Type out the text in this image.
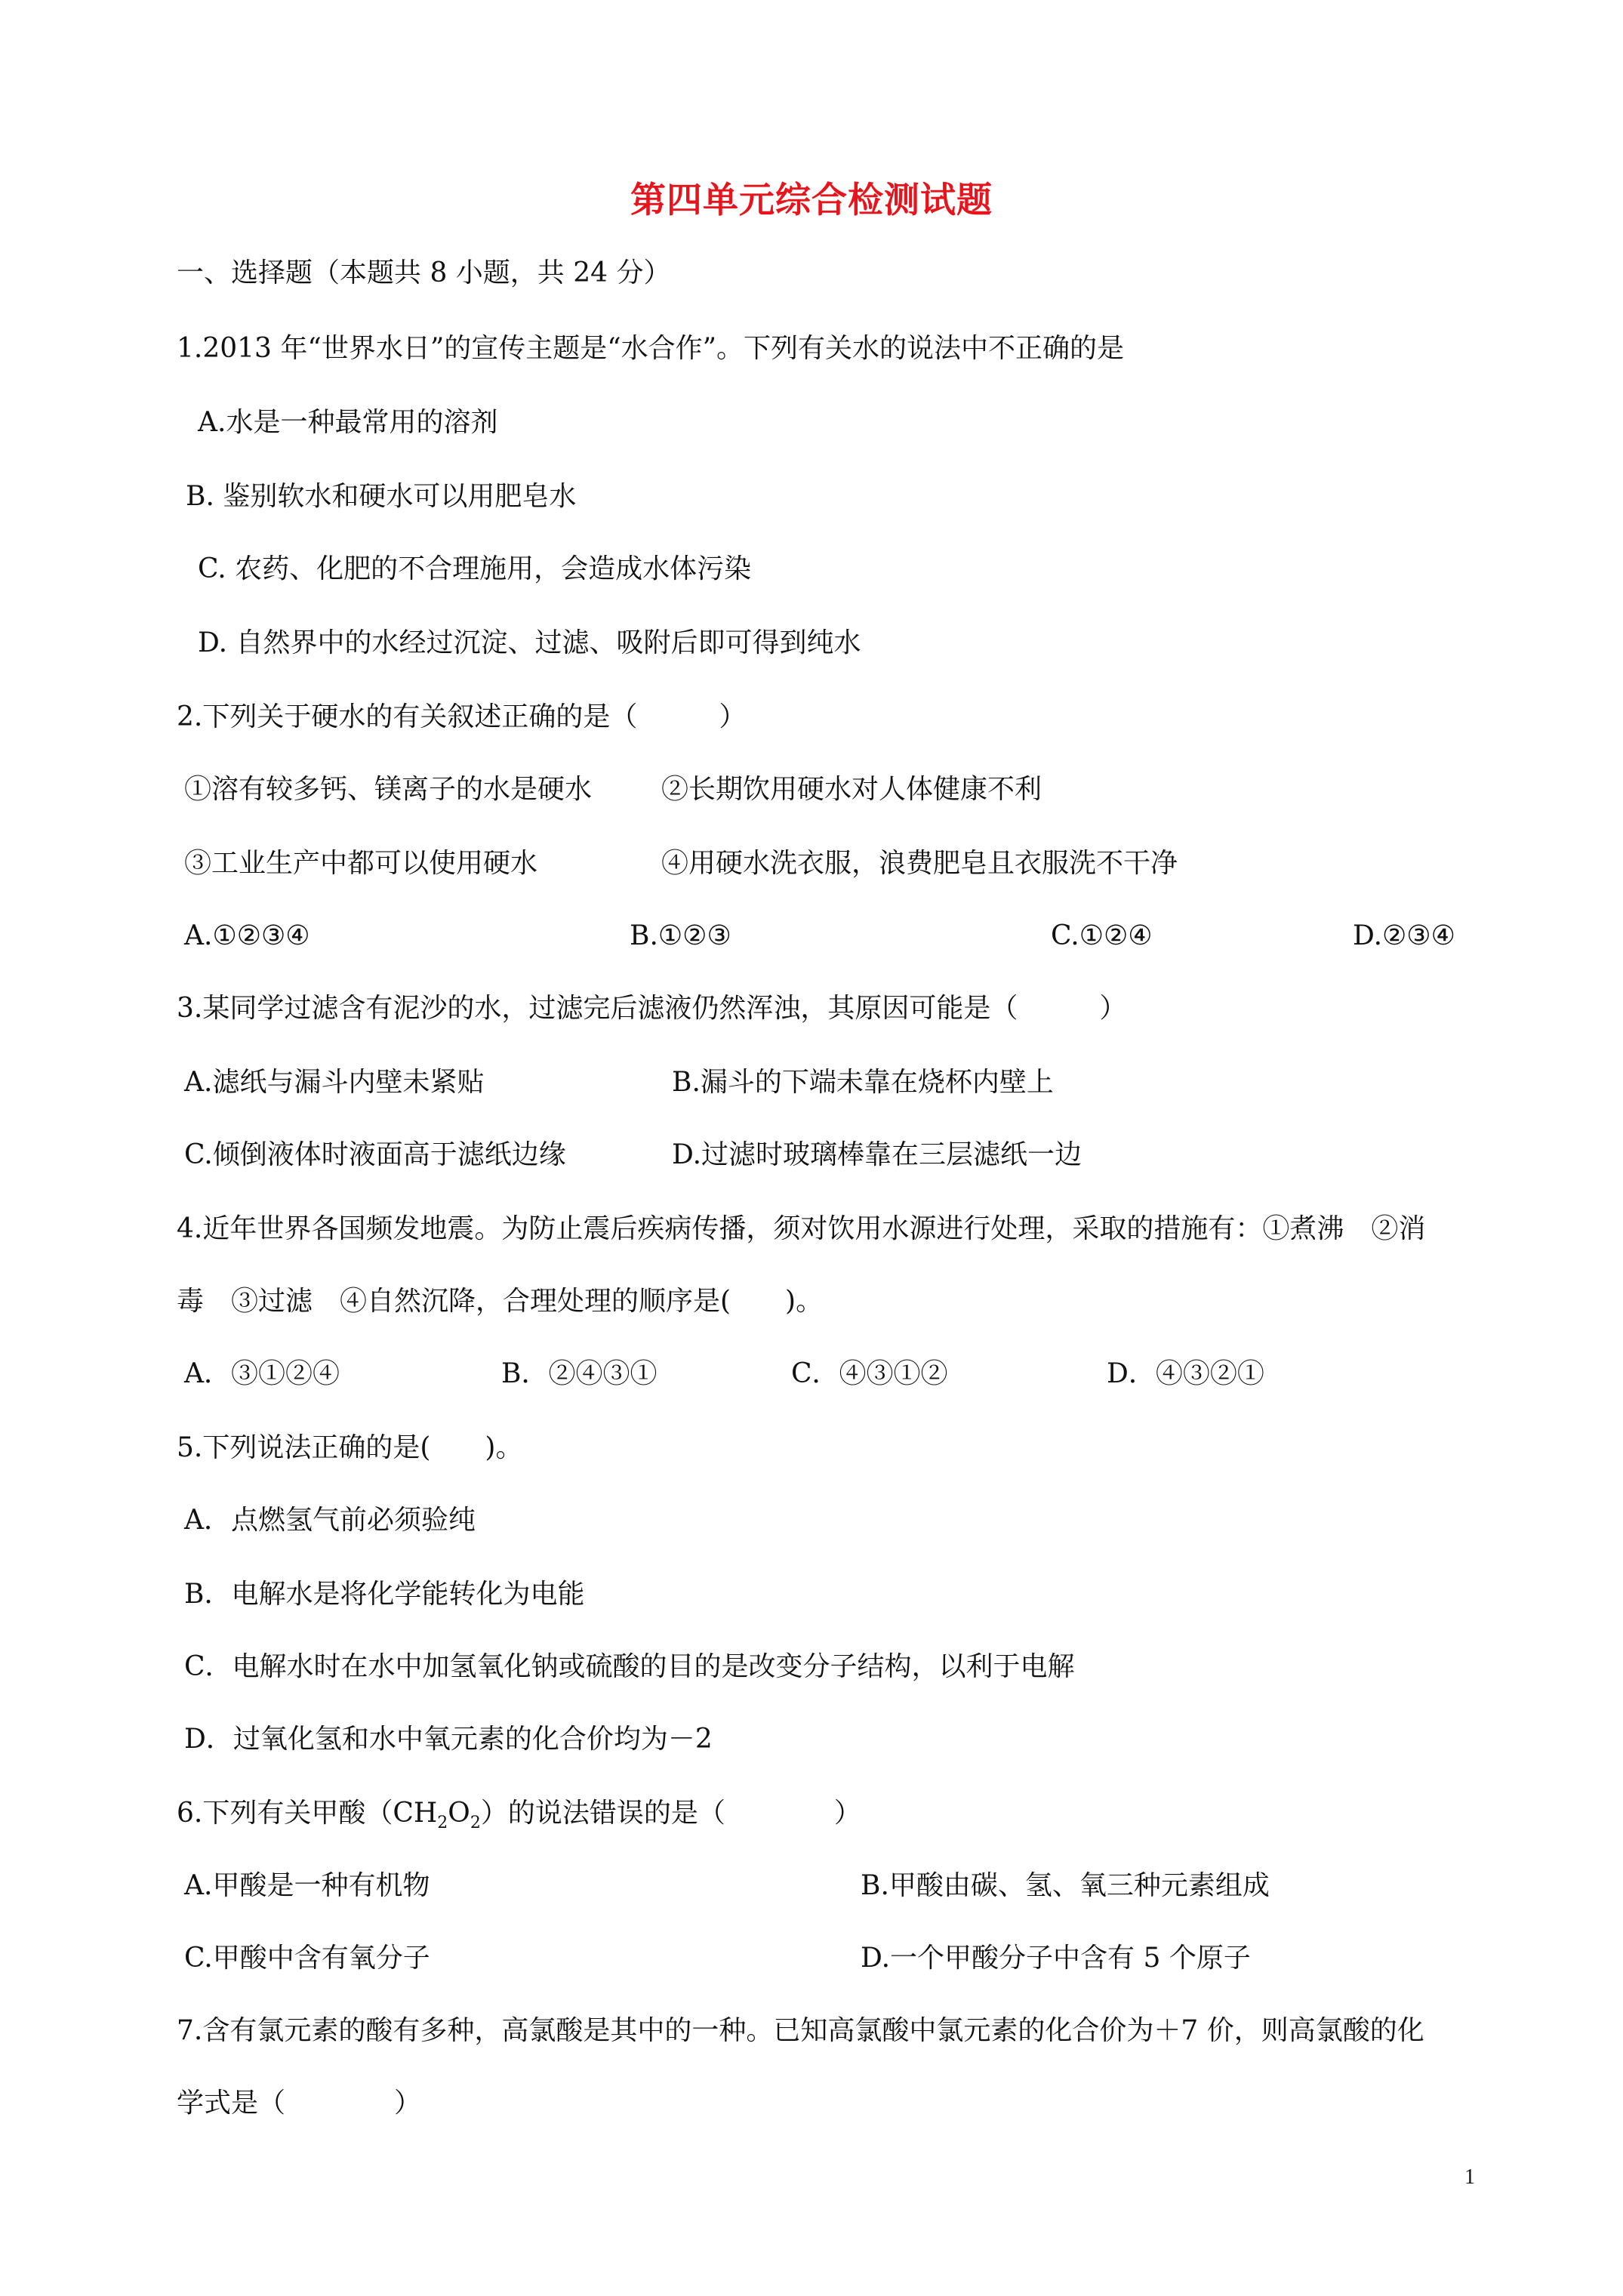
第四单元综合检测试题
一、选择题（本题共 8 小题，共 24 分）
1.2013 年“世界水日”的宣传主题是“水合作”。下列有关水的说法中不正确的是
A.水是一种最常用的溶剂
B. 鉴别软水和硬水可以用肥皂水
C. 农药、化肥的不合理施用，会造成水体污染
D. 自然界中的水经过沉淀、过滤、吸附后即可得到纯水
2.下列关于硬水的有关叙述正确的是（　　　）
①溶有较多钙、镁离子的水是硬水	②长期饮用硬水对人体健康不利
③工业生产中都可以使用硬水	④用硬水洗衣服，浪费肥皂且衣服洗不干净
A.①②③④	B.①②③	C.①②④	D.②③④
3.某同学过滤含有泥沙的水，过滤完后滤液仍然浑浊，其原因可能是（　　　）
A.滤纸与漏斗内壁未紧贴	B.漏斗的下端未靠在烧杯内壁上
C.倾倒液体时液面高于滤纸边缘	D.过滤时玻璃棒靠在三层滤纸一边
4.近年世界各国频发地震。为防止震后疾病传播，须对饮用水源进行处理，采取的措施有：①煮沸　②消
毒　③过滤　④自然沉降，合理处理的顺序是(　　)。
A．③①②④	B．②④③①	C．④③①②	D．④③②①
5.下列说法正确的是(　　)。
A．点燃氢气前必须验纯
B．电解水是将化学能转化为电能
C．电解水时在水中加氢氧化钠或硫酸的目的是改变分子结构，以利于电解
D．过氧化氢和水中氧元素的化合价均为－2
6.下列有关甲酸$(CH_2O_2)$的说法错误的是（　　　　）
A.甲酸是一种有机物	B.甲酸由碳、氢、氧三种元素组成
C.甲酸中含有氧分子	D.一个甲酸分子中含有 5 个原子
7.含有氯元素的酸有多种，高氯酸是其中的一种。已知高氯酸中氯元素的化合价为＋7 价，则高氯酸的化
学式是（　　　　）
1
